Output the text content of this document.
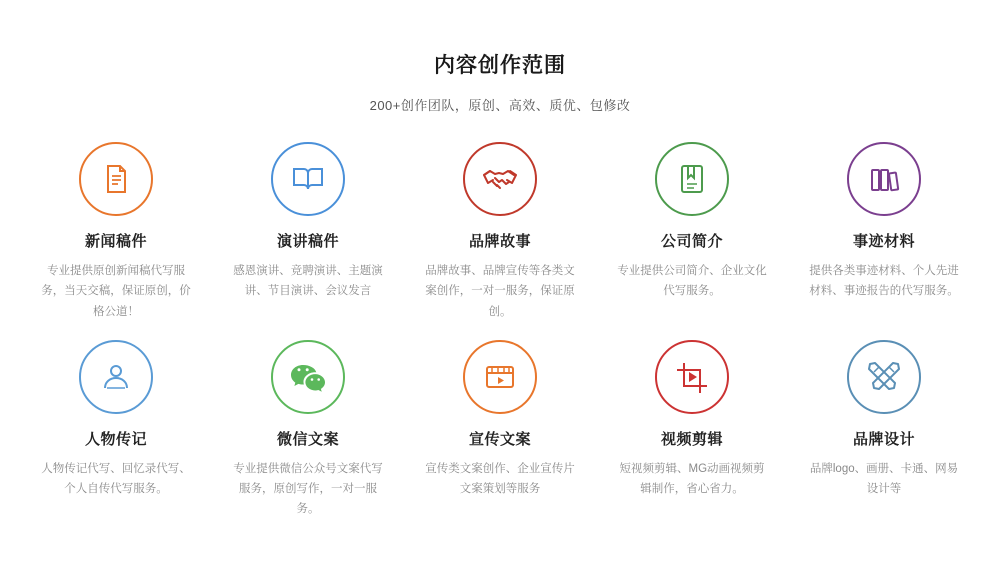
内容创作范围
200+创作团队，原创、高效、质优、包修改
新闻稿件
专业提供原创新闻稿代写服务，当天交稿，保证原创，价格公道！
演讲稿件
感恩演讲、竞聘演讲、主题演讲、节目演讲、会议发言
品牌故事
品牌故事、品牌宣传等各类文案创作，一对一服务，保证原创。
公司简介
专业提供公司简介、企业文化代写服务。
事迹材料
提供各类事迹材料、个人先进材料、事迹报告的代写服务。
人物传记
人物传记代写、回忆录代写、个人自传代写服务。
微信文案
专业提供微信公众号文案代写服务，原创写作，一对一服务。
宣传文案
宣传类文案创作、企业宣传片文案策划等服务
视频剪辑
短视频剪辑、MG动画视频剪辑制作，省心省力。
品牌设计
品牌logo、画册、卡通、网易设计等
